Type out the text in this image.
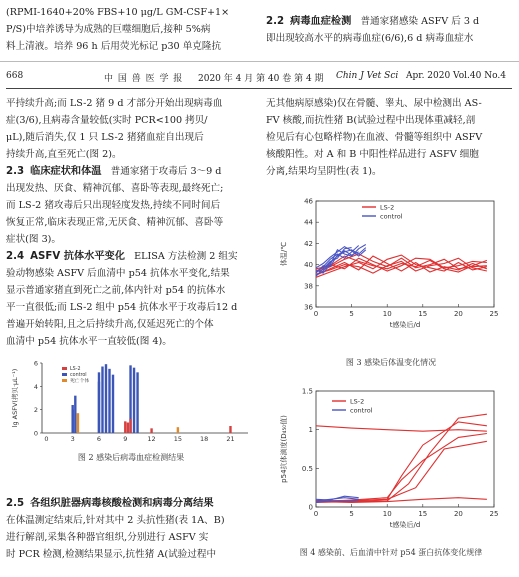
(RPMI-1640+20% FBS+10 μg/L GM-CSF+1×
P/S)中培养诱导为成熟的巨噬细胞后,接种 5%病
料上清液。培养 96 h 后用荧光标记 p30 单克隆抗
2.2 病毒血症检测 普通家猪感染 ASFV 后 3 d
即出现较高水平的病毒血症(6/6),6 d 病毒血症水
668	中 国 兽 医 学 报 2020 年 4 月 第 40 卷 第 4 期 Chin J Vet Sci Apr. 2020 Vol.40 No.4
平持续升高;而 LS-2 猪 9 d 才部分开始出现病毒血
症(3/6),且病毒含量较低(实时 PCR<100 拷贝/
μL),随后消失,仅 1 只 LS-2 猪猪血症自出现后
持续升高,直至死亡(图 2)。
2.3 临床症状和体温 普通家猪于攻毒后 3～9 d
出现发热、厌食、精神沉郁、喜卧等表现,最终死亡;
而 LS-2 猪攻毒后只出现轻度发热,持续不同时间后
恢复正常,临床表现正常,无厌食、精神沉郁、喜卧等
症状(图 3)。
2.4 ASFV 抗体水平变化 ELISA 方法检测 2 组实
验动物感染 ASFV 后血清中 p54 抗体水平变化,结果
显示普通家猪直到死亡之前,体内针对 p54 的抗体水
平一直很低;而 LS-2 组中 p54 抗体水平于攻毒后12 d
普遍开始转阳,且之后持续升高,仅延迟死亡的个体
血清中 p54 抗体水平一直较低(图 4)。
0
2
4
6
0	3	6	9	12	15	18	21
lg ASFV(拷贝·μL⁻¹)	LS-2
control
死亡个体
图 2 感染后病毒血症检测结果
2.5 各组织脏器病毒核酸检测和病毒分离结果
在体温测定结束后,针对其中 2 头抗性猪(表 1A、B)
进行解剖,采集各种器官组织,分别进行 ASFV 实
时 PCR 检测,检测结果显示,抗性猪 A(试验过程中
无其他病原感染)仅在骨髓、睾丸、尿中检测出 AS-
FV 核酸,而抗性猪 B(试验过程中出现体重减轻,剖
检见后有心包略样物)在血液、骨髓等组织中 ASFV
核酸阳性。对 A 和 B 中阳性样品进行 ASFV 细胞
分离,结果均呈阴性(表 1)。
36
38
40
42
44
46
0	5	10	15	20	25
t感染后/d
体温/℃
LS-2
control
图 3 感染后体温变化情况
0
0.5
1
1.5
0	5	10	15	20	25
t感染后/d
p54抗体滴度(D₄₅₀值)
LS-2
control
图 4 感染前、后血清中针对 p54 蛋白抗体变化规律
